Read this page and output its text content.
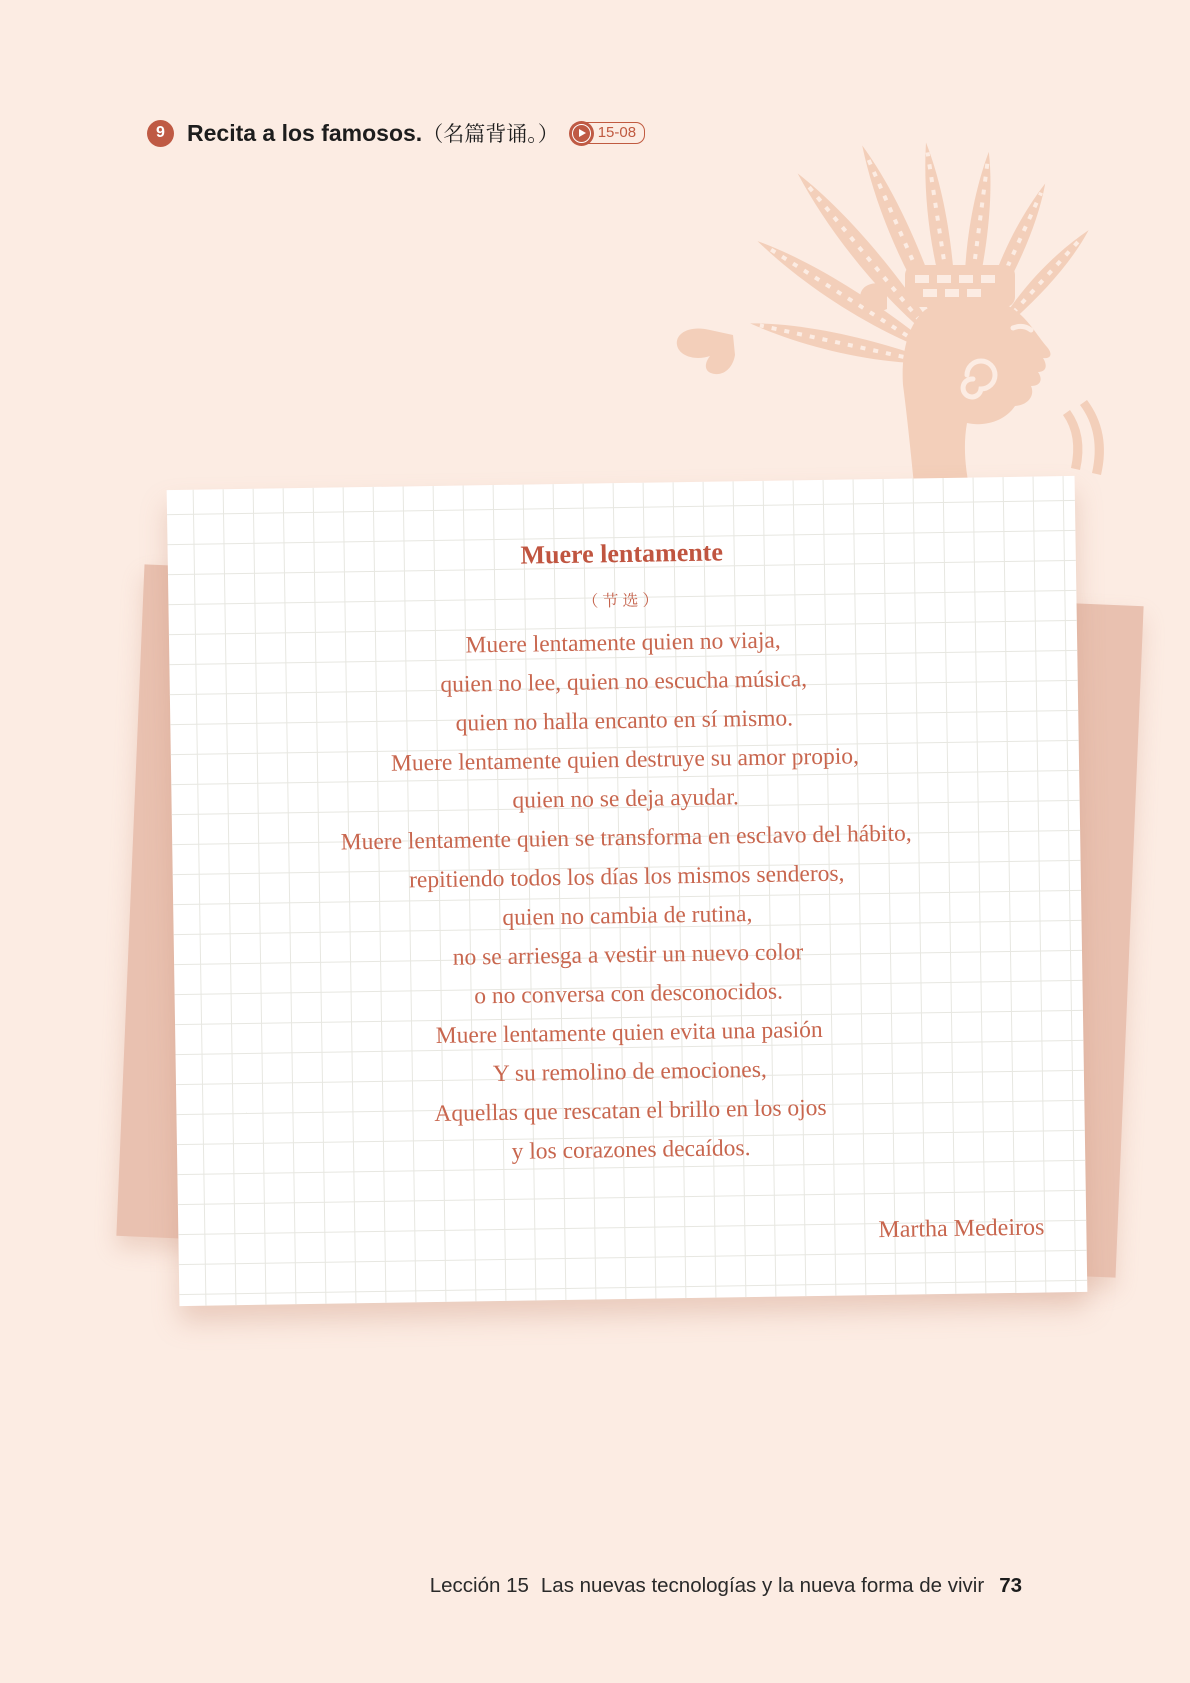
Muere lentamente
（节选）
Muere lentamente quien no viaja,
quien no lee, quien no escucha música,
quien no halla encanto en sí mismo.
Muere lentamente quien destruye su amor propio,
quien no se deja ayudar.
Muere lentamente quien se transforma en esclavo del hábito,
repitiendo todos los días los mismos senderos,
quien no cambia de rutina,
no se arriesga a vestir un nuevo color
o no conversa con desconocidos.
Muere lentamente quien evita una pasión
Y su remolino de emociones,
Aquellas que rescatan el brillo en los ojos
y los corazones decaídos.
Martha Medeiros
9 Recita a los famosos. （名篇背诵。）	15-08
Lección 15 Las nuevas tecnologías y la nueva forma de vivir 73
